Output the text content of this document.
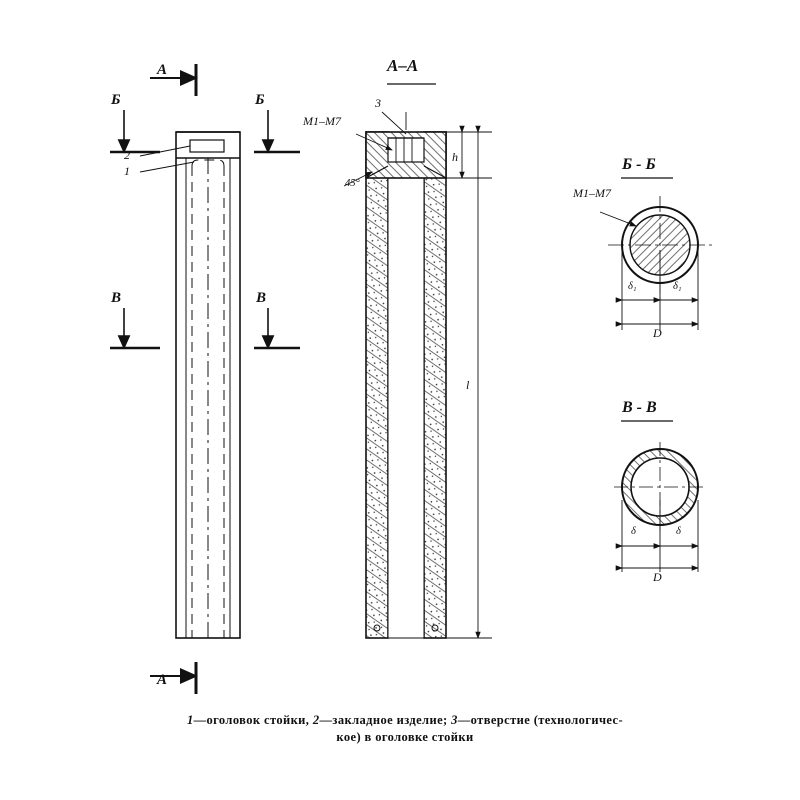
A
A
Б	Б
В	В
2
1
A–A
3
M1–M7
45°
h
l
Б - Б
M1–M7
δ₁	δ₁
D
В - В
δ	δ
D
1—оголовок стойки, 2—закладное изделие; 3—отверстие (технологичес-
кое) в оголовке стойки
